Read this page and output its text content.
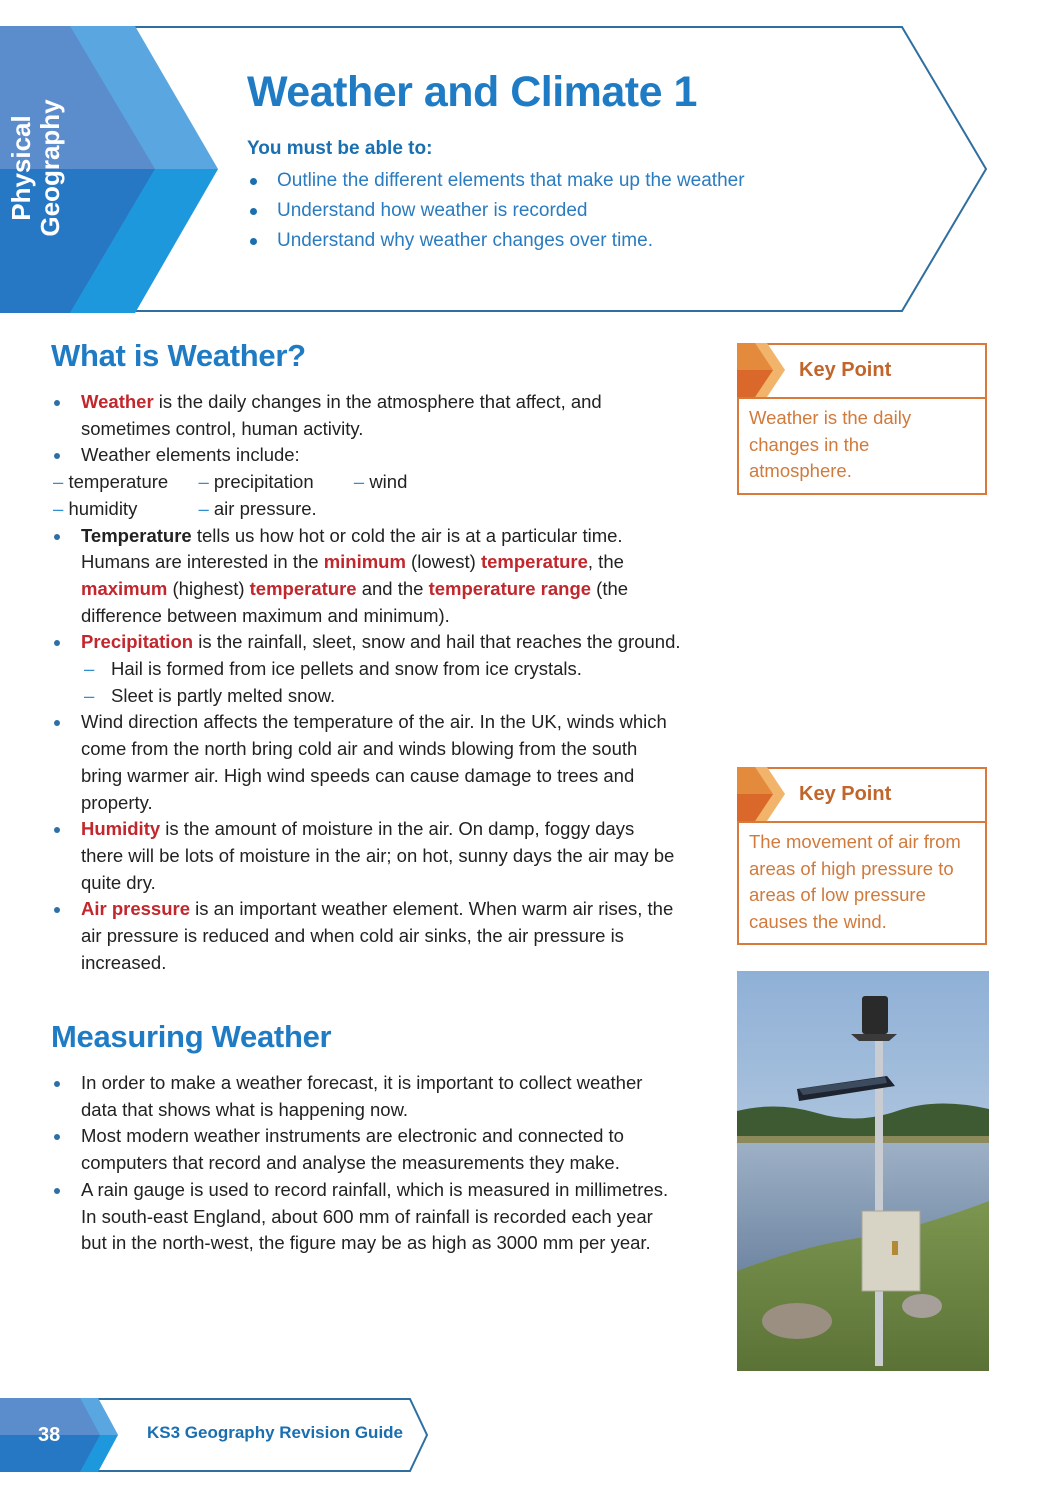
Physical Geography
Weather and Climate 1
You must be able to:
Outline the different elements that make up the weather
Understand how weather is recorded
Understand why weather changes over time.
What is Weather?
Weather is the daily changes in the atmosphere that affect, and sometimes control, human activity.
Weather elements include:
– temperature – precipitation – wind
– humidity	– air pressure.
Temperature tells us how hot or cold the air is at a particular time. Humans are interested in the minimum (lowest) temperature, the maximum (highest) temperature and the temperature range (the difference between maximum and minimum).
Precipitation is the rainfall, sleet, snow and hail that reaches the ground.
– Hail is formed from ice pellets and snow from ice crystals.
– Sleet is partly melted snow.
Wind direction affects the temperature of the air. In the UK, winds which come from the north bring cold air and winds blowing from the south bring warmer air. High wind speeds can cause damage to trees and property.
Humidity is the amount of moisture in the air. On damp, foggy days there will be lots of moisture in the air; on hot, sunny days the air may be quite dry.
Air pressure is an important weather element. When warm air rises, the air pressure is reduced and when cold air sinks, the air pressure is increased.
Measuring Weather
In order to make a weather forecast, it is important to collect weather data that shows what is happening now.
Most modern weather instruments are electronic and connected to computers that record and analyse the measurements they make.
A rain gauge is used to record rainfall, which is measured in millimetres. In south-east England, about 600 mm of rainfall is recorded each year but in the north-west, the figure may be as high as 3000 mm per year.
Key Point
Weather is the daily changes in the atmosphere.
Key Point
The movement of air from areas of high pressure to areas of low pressure causes the wind.
38	KS3 Geography Revision Guide
